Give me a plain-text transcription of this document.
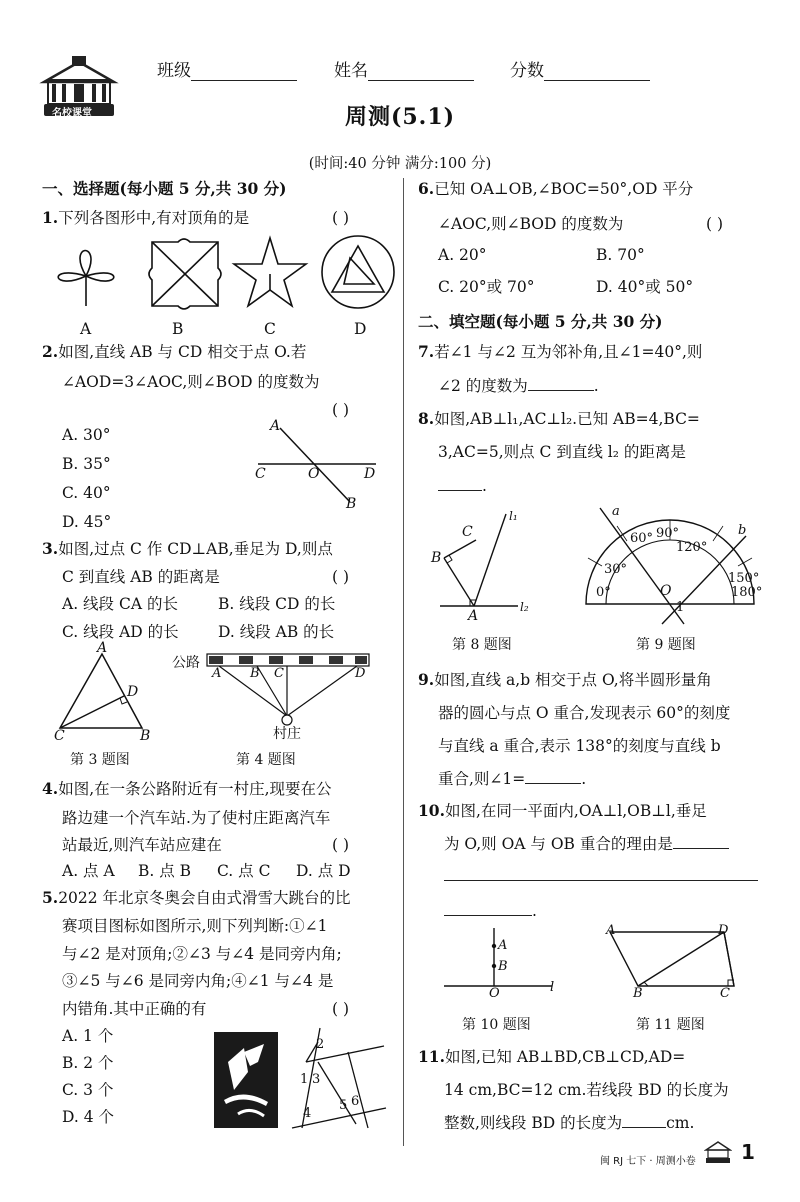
名校课堂
班级	姓名	分数
周测(5.1)
(时间:40 分钟 满分:100 分)
一、选择题(每小题 5 分,共 30 分)
1.下列各图形中,有对顶角的是	( )
A	B	C	D
2.如图,直线 AB 与 CD 相交于点 O.若
∠AOD=3∠AOC,则∠BOD 的度数为
( )
A. 30°
B. 35°
C. 40°
D. 45°
A
C	O	D
B
3.如图,过点 C 作 CD⊥AB,垂足为 D,则点
C 到直线 AB 的距离是	( )
A. 线段 CA 的长	B. 线段 CD 的长
C. 线段 AD 的长	D. 线段 AB 的长
A
D
C	B
第 3 题图
公路
A B C	D
村庄
第 4 题图
4.如图,在一条公路附近有一村庄,现要在公
路边建一个汽车站.为了使村庄距离汽车
站最近,则汽车站应建在	( )
A. 点 A B. 点 B C. 点 C D. 点 D
5.2022 年北京冬奥会自由式滑雪大跳台的比
赛项目图标如图所示,则下列判断:①∠1
与∠2 是对顶角;②∠3 与∠4 是同旁内角;
③∠5 与∠6 是同旁内角;④∠1 与∠4 是
内错角.其中正确的有	( )
A. 1 个
B. 2 个
C. 3 个
D. 4 个
2
1 3
4
5 6
6.已知 OA⊥OB,∠BOC=50°,OD 平分
∠AOC,则∠BOD 的度数为	( )
A. 20°	B. 70°
C. 20°或 70°	D. 40°或 50°
二、填空题(每小题 5 分,共 30 分)
7.若∠1 与∠2 互为邻补角,且∠1=40°,则
∠2 的度数为	.
8.如图,AB⊥l₁,AC⊥l₂.已知 AB=4,BC=
3,AC=5,则点 C 到直线 l₂ 的距离是
.
l₁
C
B
A
l₂
第 8 题图
a
b
60° 90°
120°
30°
150°
180°
0°	O
1
第 9 题图
9.如图,直线 a,b 相交于点 O,将半圆形量角
器的圆心与点 O 重合,发现表示 60°的刻度
与直线 a 重合,表示 138°的刻度与直线 b
重合,则∠1=	.
10.如图,在同一平面内,OA⊥l,OB⊥l,垂足
为 O,则 OA 与 OB 重合的理由是
.
A
B
O	l
第 10 题图
A	D
B	C
第 11 题图
11.如图,已知 AB⊥BD,CB⊥CD,AD=
14 cm,BC=12 cm.若线段 BD 的长度为
整数,则线段 BD 的长度为	cm.
闽 RJ 七下 · 周测小卷 1
